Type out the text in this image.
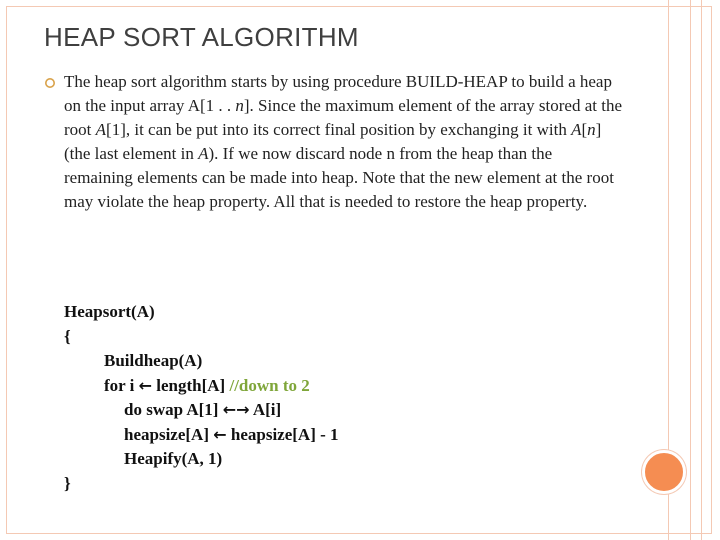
HEAP SORT ALGORITHM
The heap sort algorithm starts by using procedure BUILD-HEAP to build a heap on the input array A[1 . . n]. Since the maximum element of the array stored at the root A[1], it can be put into its correct final position by exchanging it with A[n] (the last element in A). If we now discard node n from the heap than the remaining elements can be made into heap. Note that the new element at the root may violate the heap property. All that is needed to restore the heap property.
Heapsort(A)
{
Buildheap(A)
for i ← length[A] //down to 2
do swap A[1] ←→ A[i]
heapsize[A] ← heapsize[A] - 1
Heapify(A, 1)
}
